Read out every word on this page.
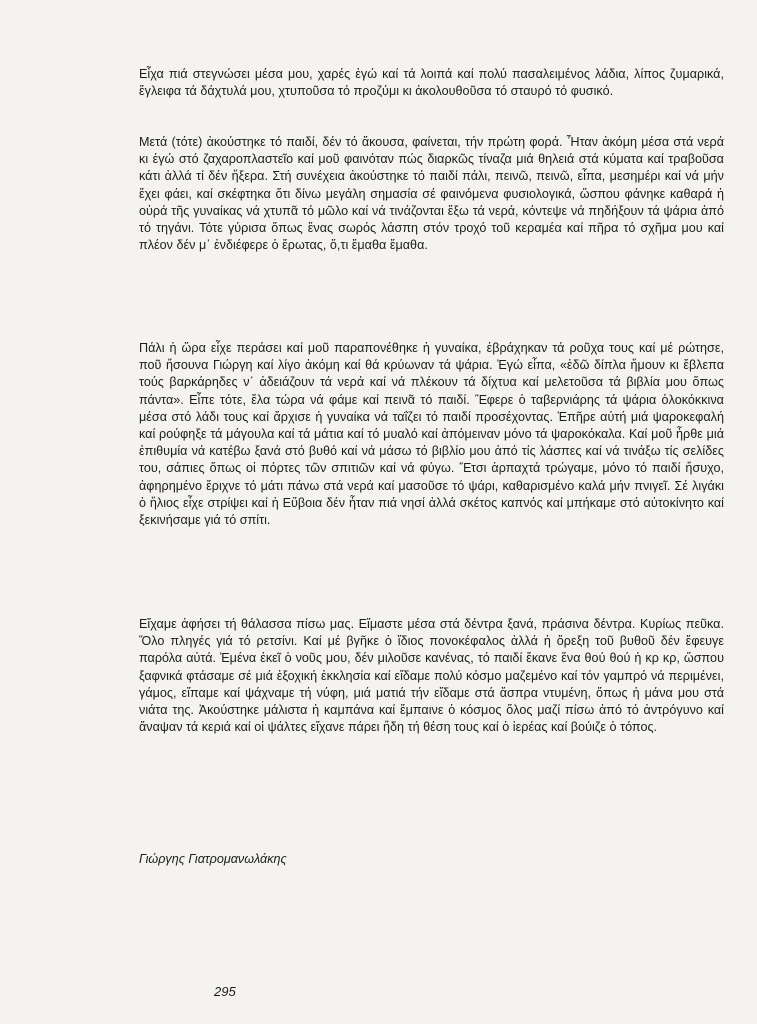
Εἶχα πιά στεγνώσει μέσα μου, χαρές ἐγώ καί τά λοιπά καί πολύ πασαλειμένος λάδια, λίπος ζυμαρικά, ἔγλειφα τά δάχτυλά μου, χτυποῦσα τό προζύμι κι ἀκολουθοῦσα τό σταυρό τό φυσικό.

Μετά (τότε) ἀκούστηκε τό παιδί, δέν τό ἄκουσα, φαίνεται, τήν πρώτη φορά. Ἦταν ἀκόμη μέσα στά νερά κι ἐγώ στό ζαχαροπλαστεῖο καί μοῦ φαινόταν πώς διαρκῶς τίναζα μιά θηλειά στά κύματα καί τραβοῦσα κάτι ἀλλά τί δέν ἤξερα. Στή συνέχεια ἀκούστηκε τό παιδί πάλι, πεινῶ, πεινῶ, εἶπα, μεσημέρι καί νά μήν ἔχει φάει, καί σκέφτηκα ὅτι δίνω μεγάλη σημασία σέ φαινόμενα φυσιολογικά, ὥσπου φάνηκε καθαρά ἡ οὐρά τῆς γυναίκας νά χτυπᾶ τό μῶλο καί νά τινάζονται ἔξω τά νερά, κόντεψε νά πηδήξουν τά ψάρια ἀπό τό τηγάνι. Τότε γύρισα ὅπως ἕνας σωρός λάσπη στόν τροχό τοῦ κεραμέα καί πῆρα τό σχῆμα μου καί πλέον δέν μ᾽ ἐνδιέφερε ὁ ἔρωτας, ὅ,τι ἔμαθα ἔμαθα.

Πάλι ἡ ὥρα εἶχε περάσει καί μοῦ παραπονέθηκε ἡ γυναίκα, ἐβράχηκαν τά ροῦχα τους καί μέ ρώτησε, ποῦ ἤσουνα Γιώργη καί λίγο ἀκόμη καί θά κρύωναν τά ψάρια. Ἐγώ εἶπα, «ἐδῶ δίπλα ἤμουν κι ἔβλεπα τούς βαρκάρηδες ν᾽ ἀδειάζουν τά νερά καί νά πλέκουν τά δίχτυα καί μελετοῦσα τά βιβλία μου ὅπως πάντα». Εἶπε τότε, ἔλα τώρα νά φάμε καί πεινᾶ τό παιδί. Ἔφερε ὁ ταβερνιάρης τά ψάρια ὁλοκόκκινα μέσα στό λάδι τους καί ἄρχισε ἡ γυναίκα νά ταΐζει τό παιδί προσέχοντας. Ἐπῆρε αὐτή μιά ψαροκεφαλή καί ρούφηξε τά μάγουλα καί τά μάτια καί τό μυαλό καί ἀπόμειναν μόνο τά ψαροκόκαλα. Καί μοῦ ἦρθε μιά ἐπιθυμία νά κατέβω ξανά στό βυθό καί νά μάσω τό βιβλίο μου ἀπό τίς λάσπες καί νά τινάξω τίς σελίδες του, σάπιες ὅπως οἱ πόρτες τῶν σπιτιῶν καί νά φύγω. Ἔτσι ἁρπαχτά τρώγαμε, μόνο τό παιδί ἤσυχο, ἀφηρημένο ἔριχνε τό μάτι πάνω στά νερά καί μασοῦσε τό ψάρι, καθαρισμένο καλά μήν πνιγεῖ. Σέ λιγάκι ὁ ἥλιος εἶχε στρίψει καί ἡ Εὔβοια δέν ἦταν πιά νησί ἀλλά σκέτος καπνός καί μπήκαμε στό αὐτοκίνητο καί ξεκινήσαμε γιά τό σπίτι.

Εἴχαμε ἀφήσει τή θάλασσα πίσω μας. Εἴμαστε μέσα στά δέντρα ξανά, πράσινα δέντρα. Κυρίως πεῦκα. Ὅλο πληγές γιά τό ρετσίνι. Καί μέ βγῆκε ὁ ἴδιος πονοκέφαλος ἀλλά ἡ ὄρεξη τοῦ βυθοῦ δέν ἔφευγε παρόλα αὐτά. Ἐμένα ἐκεῖ ὁ νοῦς μου, δέν μιλοῦσε κανένας, τό παιδί ἔκανε ἕνα θού θού ἡ κρ κρ, ὥσπου ξαφνικά φτάσαμε σέ μιά ἐξοχική ἐκκλησία καί εἴδαμε πολύ κόσμο μαζεμένο καί τόν γαμπρό νά περιμένει, γάμος, εἴπαμε καί ψάχναμε τή νύφη, μιά ματιά τήν εἴδαμε στά ἄσπρα ντυμένη, ὅπως ἡ μάνα μου στά νιάτα της. Ἀκούστηκε μάλιστα ἡ καμπάνα καί ἔμπαινε ὁ κόσμος ὅλος μαζί πίσω ἀπό τό ἀντρόγυνο καί ἄναψαν τά κεριά καί οἱ ψάλτες εἴχανε πάρει ἤδη τή θέση τους καί ὁ ἱερέας καί βούιζε ὁ τόπος.

Γιώργης Γιατρομανωλάκης
295
